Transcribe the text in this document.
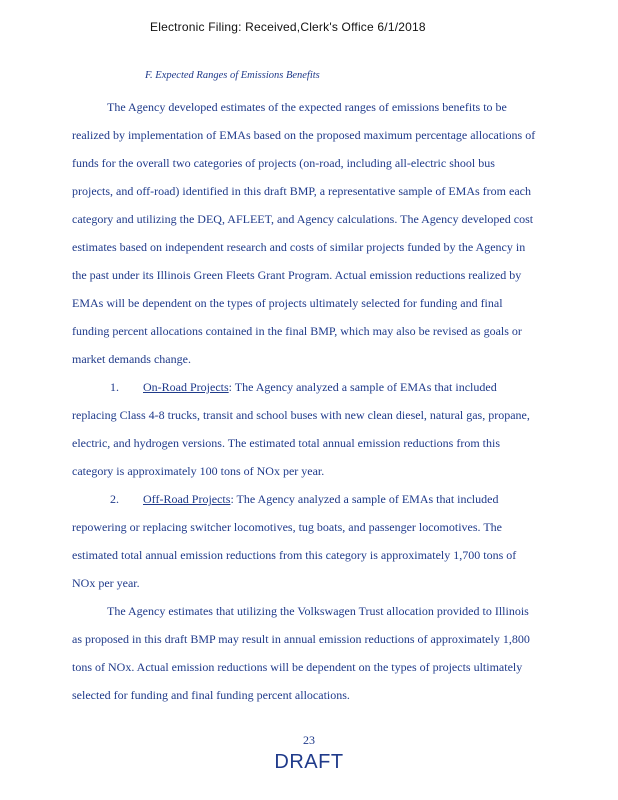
Electronic Filing: Received,Clerk's Office 6/1/2018
F. Expected Ranges of Emissions Benefits
The Agency developed estimates of the expected ranges of emissions benefits to be
realized by implementation of EMAs based on the proposed maximum percentage allocations of
funds for the overall two categories of projects (on-road, including all-electric shool bus
projects, and off-road) identified in this draft BMP, a representative sample of EMAs from each
category and utilizing the DEQ, AFLEET, and Agency calculations. The Agency developed cost
estimates based on independent research and costs of similar projects funded by the Agency in
the past under its Illinois Green Fleets Grant Program. Actual emission reductions realized by
EMAs will be dependent on the types of projects ultimately selected for funding and final
funding percent allocations contained in the final BMP, which may also be revised as goals or
market demands change.
1. On-Road Projects: The Agency analyzed a sample of EMAs that included
replacing Class 4-8 trucks, transit and school buses with new clean diesel, natural gas, propane,
electric, and hydrogen versions. The estimated total annual emission reductions from this
category is approximately 100 tons of NOx per year.
2. Off-Road Projects: The Agency analyzed a sample of EMAs that included
repowering or replacing switcher locomotives, tug boats, and passenger locomotives. The
estimated total annual emission reductions from this category is approximately 1,700 tons of
NOx per year.
The Agency estimates that utilizing the Volkswagen Trust allocation provided to Illinois
as proposed in this draft BMP may result in annual emission reductions of approximately 1,800
tons of NOx. Actual emission reductions will be dependent on the types of projects ultimately
selected for funding and final funding percent allocations.
23
DRAFT
